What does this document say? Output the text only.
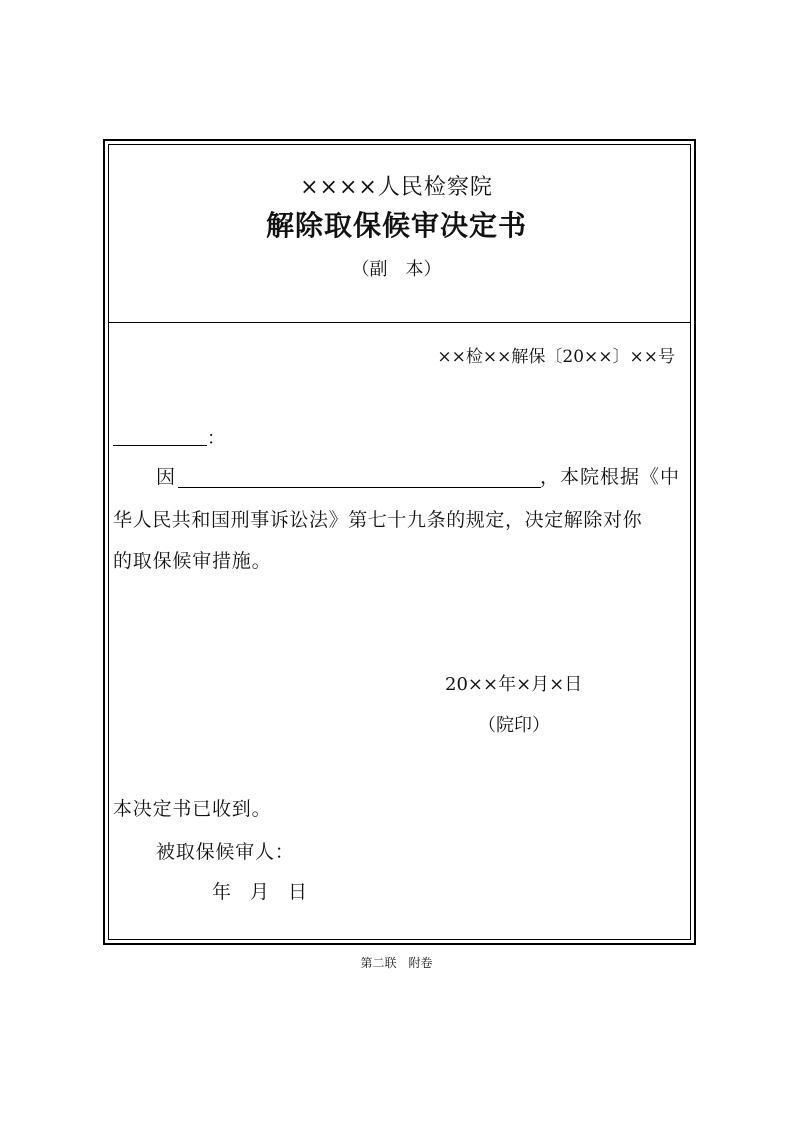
××××人民检察院
解除取保候审决定书
（副　本）
××检××解保〔20××〕××号
：
因	，本院根据《中
华人民共和国刑事诉讼法》第七十九条的规定，决定解除对你
的取保候审措施。
20××年×月×日
（院印）
本决定书已收到。
被取保候审人：
年　月　日
第二联　附卷
